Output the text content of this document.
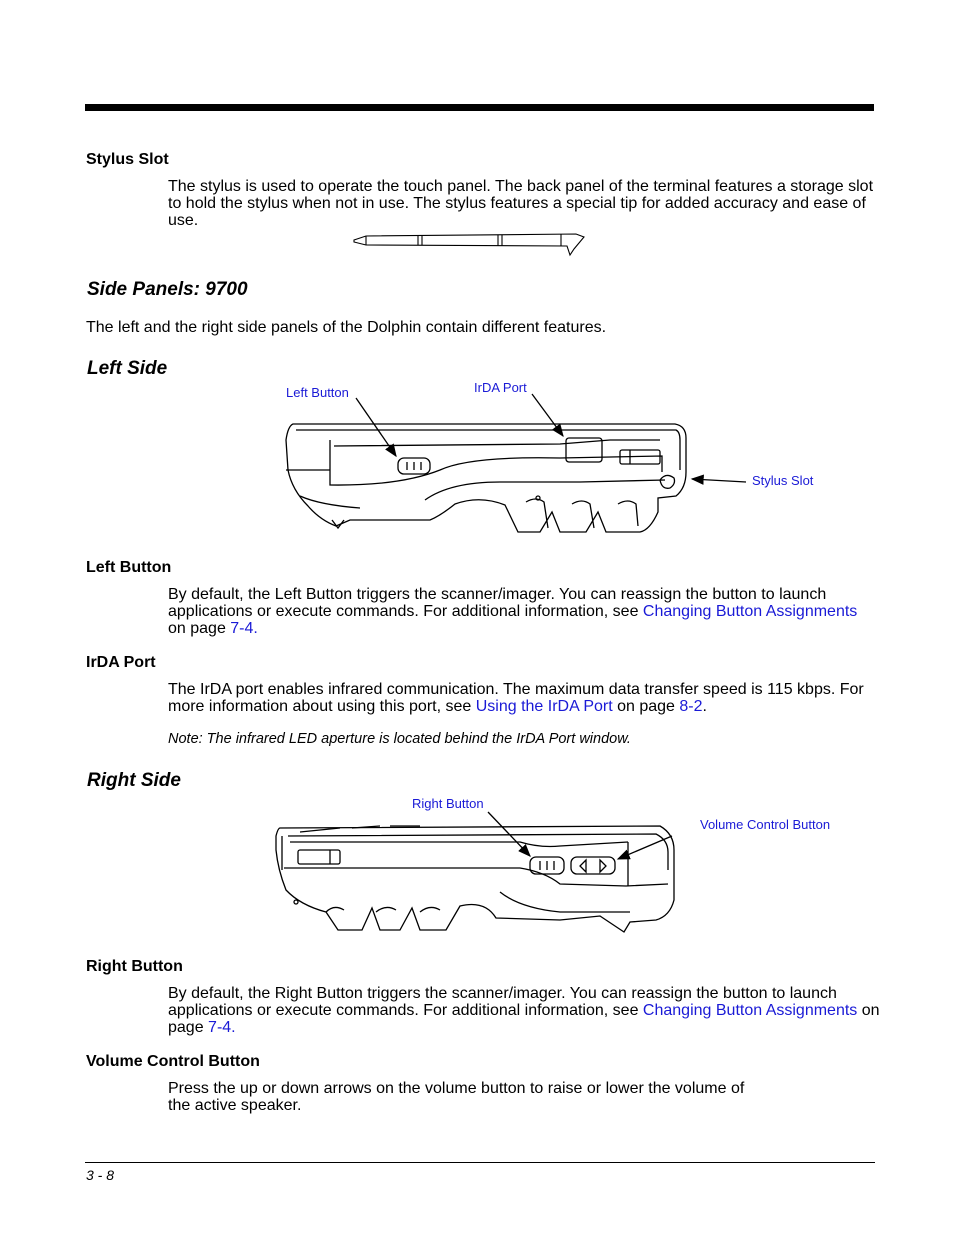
Stylus Slot
The stylus is used to operate the touch panel. The back panel of the terminal features a storage slot to hold the stylus when not in use. The stylus features a special tip for added accuracy and ease of use.
Side Panels: 9700
The left and the right side panels of the Dolphin contain different features.
Left Side
Left Button	IrDA Port
Stylus Slot
Left Button
By default, the Left Button triggers the scanner/imager. You can reassign the button to launch applications or execute commands. For additional information, see Changing Button Assignments on page 7-4.
IrDA Port
The IrDA port enables infrared communication. The maximum data transfer speed is 115 kbps. For more information about using this port, see Using the IrDA Port on page 8-2.
Note: The infrared LED aperture is located behind the IrDA Port window.
Right Side
Right Button
Volume Control Button
Right Button
By default, the Right Button triggers the scanner/imager. You can reassign the button to launch applications or execute commands. For additional information, see Changing Button Assignments on page 7-4.
Volume Control Button
Press the up or down arrows on the volume button to raise or lower the volume of
the active speaker.
3 - 8
